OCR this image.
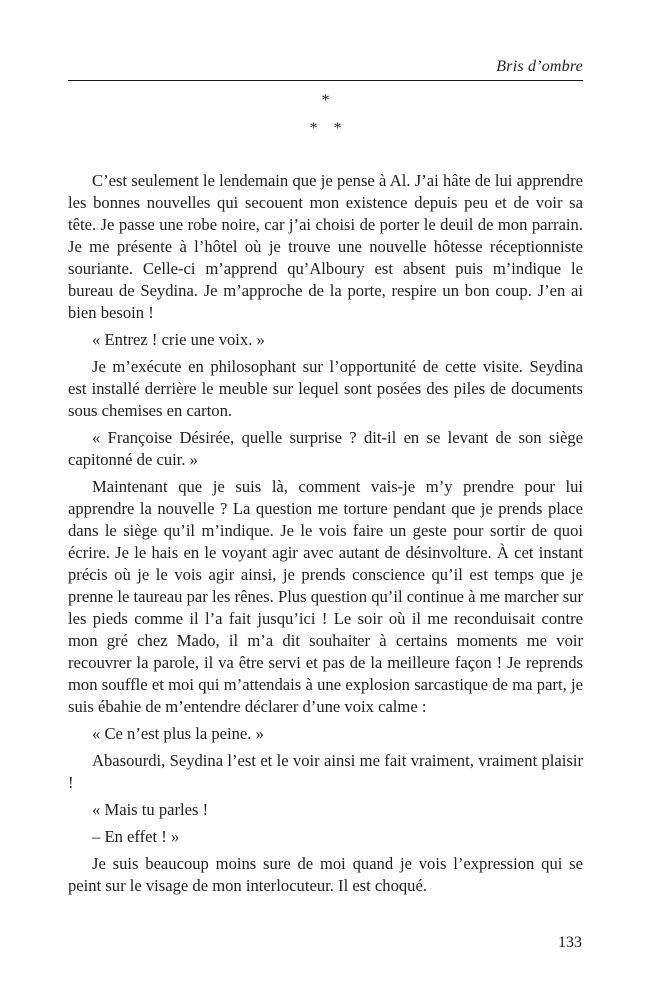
Bris d’ombre
*
*    *

C’est seulement le lendemain que je pense à Al. J’ai hâte de lui apprendre les bonnes nouvelles qui secouent mon existence depuis peu et de voir sa tête. Je passe une robe noire, car j’ai choisi de porter le deuil de mon parrain. Je me présente à l’hôtel où je trouve une nouvelle hôtesse réceptionniste souriante. Celle-ci m’apprend qu’Alboury est absent puis m’indique le bureau de Seydina. Je m’approche de la porte, respire un bon coup. J’en ai bien besoin !

« Entrez ! crie une voix. »

Je m’exécute en philosophant sur l’opportunité de cette visite. Seydina est installé derrière le meuble sur lequel sont posées des piles de documents sous chemises en carton.

« Françoise Désirée, quelle surprise ? dit-il en se levant de son siège capitonné de cuir. »

Maintenant que je suis là, comment vais-je m’y prendre pour lui apprendre la nouvelle ? La question me torture pendant que je prends place dans le siège qu’il m’indique. Je le vois faire un geste pour sortir de quoi écrire. Je le hais en le voyant agir avec autant de désinvolture. À cet instant précis où je le vois agir ainsi, je prends conscience qu’il est temps que je prenne le taureau par les rênes. Plus question qu’il continue à me marcher sur les pieds comme il l’a fait jusqu’ici ! Le soir où il me reconduisait contre mon gré chez Mado, il m’a dit souhaiter à certains moments me voir recouvrer la parole, il va être servi et pas de la meilleure façon ! Je reprends mon souffle et moi qui m’attendais à une explosion sarcastique de ma part, je suis ébahie de m’entendre déclarer d’une voix calme :

« Ce n’est plus la peine. »

Abasourdi, Seydina l’est et le voir ainsi me fait vraiment, vraiment plaisir !

« Mais tu parles !

– En effet ! »

Je suis beaucoup moins sure de moi quand je vois l’expression qui se peint sur le visage de mon interlocuteur. Il est choqué.

133
